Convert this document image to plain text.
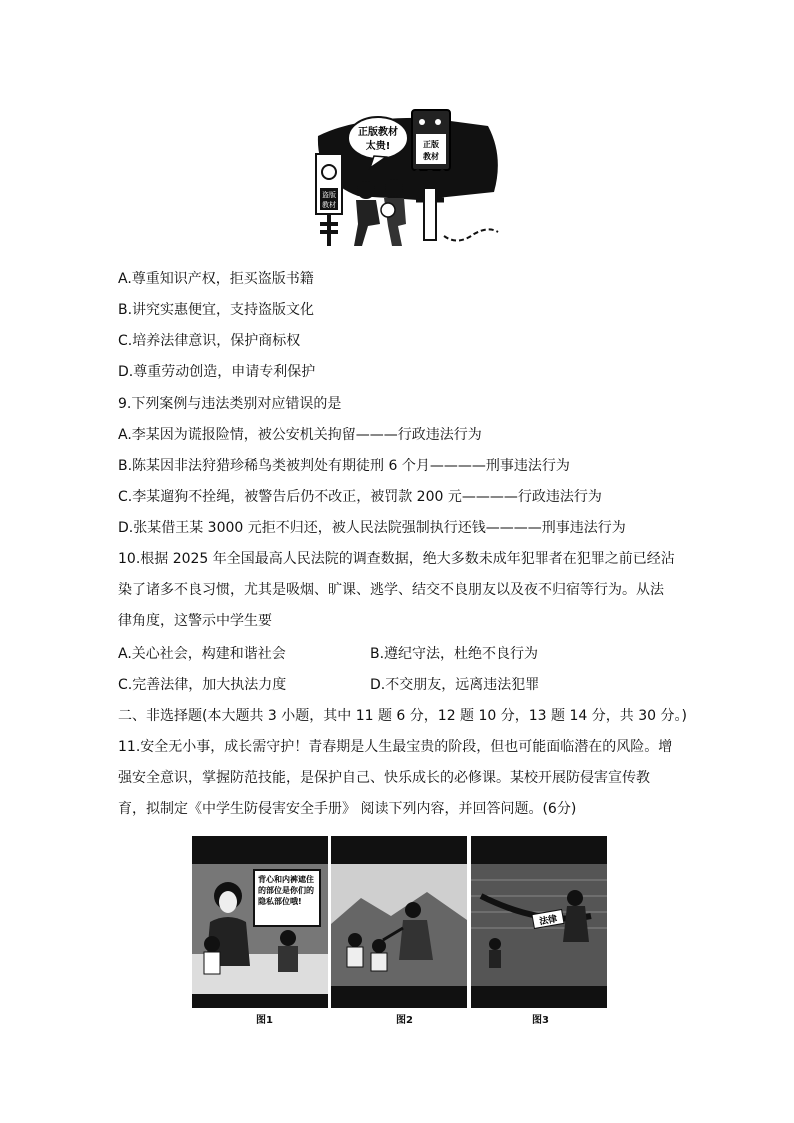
正版教材
太贵!	正版
教材
盗版
教材
A.尊重知识产权，拒买盗版书籍
B.讲究实惠便宜，支持盗版文化
C.培养法律意识，保护商标权
D.尊重劳动创造，申请专利保护
9.下列案例与违法类别对应错误的是
A.李某因为谎报险情，被公安机关拘留———行政违法行为
B.陈某因非法狩猎珍稀鸟类被判处有期徒刑 6 个月————刑事违法行为
C.李某遛狗不拴绳，被警告后仍不改正，被罚款 200 元————行政违法行为
D.张某借王某 3000 元拒不归还，被人民法院强制执行还钱————刑事违法行为
10.根据 2025 年全国最高人民法院的调查数据，绝大多数未成年犯罪者在犯罪之前已经沾染了诸多不良习惯，尤其是吸烟、旷课、逃学、结交不良朋友以及夜不归宿等行为。从法律角度，这警示中学生要
A.关心社会，构建和谐社会	B.遵纪守法，杜绝不良行为
C.完善法律，加大执法力度	D.不交朋友，远离违法犯罪
二、非选择题(本大题共 3 小题，其中 11 题 6 分，12 题 10 分，13 题 14 分，共 30 分。)
11.安全无小事，成长需守护！青春期是人生最宝贵的阶段，但也可能面临潜在的风险。增强安全意识，掌握防范技能，是保护自己、快乐成长的必修课。某校开展防侵害宣传教育，拟制定《中学生防侵害安全手册》 阅读下列内容，并回答问题。(6分)
背心和内裤遮住的部位是你们的隐私部位哦!
法律
图1	图2	图3
